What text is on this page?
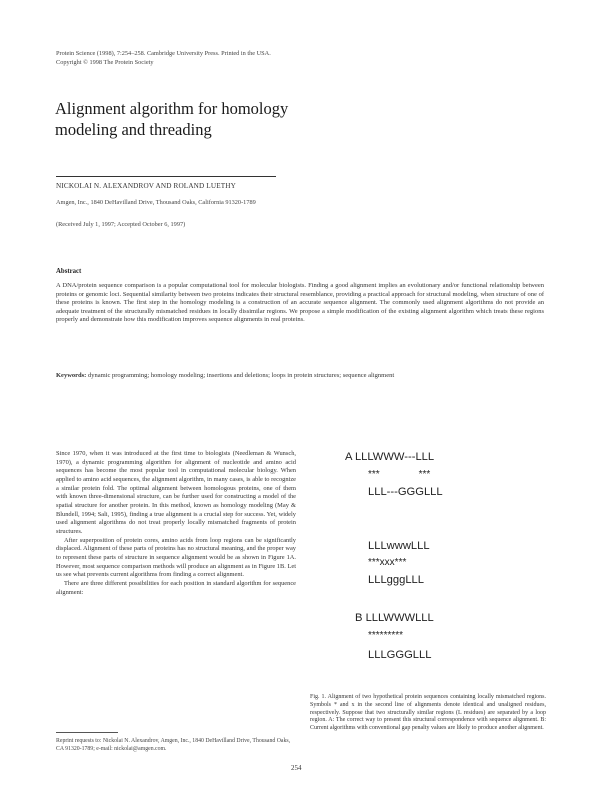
Protein Science (1998), 7:254–258. Cambridge University Press. Printed in the USA.
Copyright © 1998 The Protein Society
Alignment algorithm for homology
modeling and threading
NICKOLAI N. ALEXANDROV AND ROLAND LUETHY
Amgen, Inc., 1840 DeHavilland Drive, Thousand Oaks, California 91320-1789
(Received July 1, 1997; Accepted October 6, 1997)
Abstract
A DNA/protein sequence comparison is a popular computational tool for molecular biologists. Finding a good alignment implies an evolutionary and/or functional relationship between proteins or genomic loci. Sequential similarity between two proteins indicates their structural resemblance, providing a practical approach for structural modeling, when structure of one of these proteins is known. The first step in the homology modeling is a construction of an accurate sequence alignment. The commonly used alignment algorithms do not provide an adequate treatment of the structurally mismatched residues in locally dissimilar regions. We propose a simple modification of the existing alignment algorithm which treats these regions properly and demonstrate how this modification improves sequence alignments in real proteins.
Keywords: dynamic programming; homology modeling; insertions and deletions; loops in protein structures; sequence alignment

Since 1970, when it was introduced at the first time to biologists (Needleman & Wunsch, 1970), a dynamic programming algorithm for alignment of nucleotide and amino acid sequences has become the most popular tool in computational molecular biology. When applied to amino acid sequences, the alignment algorithm, in many cases, is able to recognize a similar protein fold. The optimal alignment between homologous proteins, one of them with known three-dimensional structure, can be further used for constructing a model of the spatial structure for another protein. In this method, known as homology modeling (May & Blundell, 1994; Sali, 1995), finding a true alignment is a crucial step for success. Yet, widely used alignment algorithms do not treat properly locally mismatched fragments of protein structures.

After superposition of protein cores, amino acids from loop regions can be significantly displaced. Alignment of these parts of proteins has no structural meaning, and the proper way to represent these parts of structure in sequence alignment would be as shown in Figure 1A. However, most sequence comparison methods will produce an alignment as in Figure 1B. Let us see what prevents current algorithms from finding a correct alignment.

There are three different possibilities for each position in standard algorithm for sequence alignment:

Reprint requests to: Nickolai N. Alexandrov, Amgen, Inc., 1840 DeHavilland Drive, Thousand Oaks, CA 91320-1789; e-mail: nickolai@amgen.com.
254
A LLLWWW---LLL
***              ***
LLL---GGGLLL
LLLwwwLLL
***xxx***
LLLgggLLL
B LLLWWWLLL
*********
LLLGGGLLL
Fig. 1. Alignment of two hypothetical protein sequences containing locally mismatched regions. Symbols * and x in the second line of alignments denote identical and unaligned residues, respectively. Suppose that two structurally similar regions (L residues) are separated by a loop region. A: The correct way to present this structural correspondence with sequence alignment. B: Current algorithms with conventional gap penalty values are likely to produce another alignment.
